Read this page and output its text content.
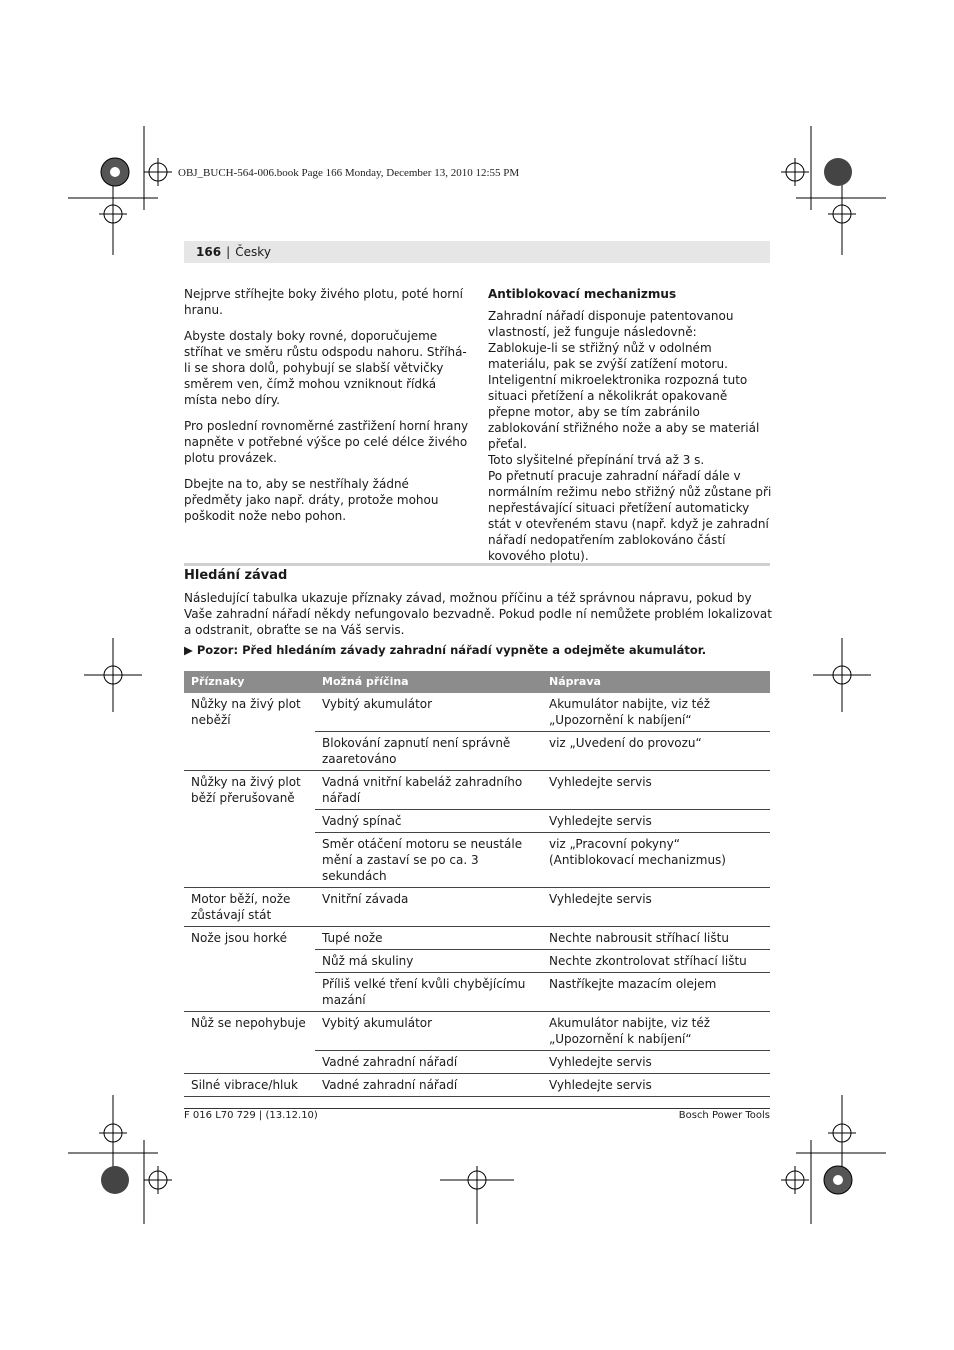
OBJ_BUCH-564-006.book Page 166 Monday, December 13, 2010 12:55 PM
166 | Česky

Nejprve stříhejte boky živého plotu, poté horní hranu.

Abyste dostaly boky rovné, doporučujeme stříhat ve směru růstu odspodu nahoru. Stříhá-li se shora dolů, pohybují se slabší větvičky směrem ven, čímž mohou vzniknout řídká místa nebo díry.

Pro poslední rovnoměrné zastřižení horní hrany napněte v potřebné výšce po celé délce živého plotu provázek.

Dbejte na to, aby se nestříhaly žádné předměty jako např. dráty, protože mohou poškodit nože nebo pohon.

Antiblokovací mechanizmus

Zahradní nářadí disponuje patentovanou vlastností, jež funguje následovně:

Zablokuje-li se střižný nůž v odolném materiálu, pak se zvýší zatížení motoru. Inteligentní mikroelektronika rozpozná tuto situaci přetížení a několikrát opakovaně přepne motor, aby se tím zabránilo zablokování střižného nože a aby se materiál přeťal.

Toto slyšitelné přepínání trvá až 3 s.

Po přetnutí pracuje zahradní nářadí dále v normálním režimu nebo střižný nůž zůstane při nepřestávající situaci přetížení automaticky stát v otevřeném stavu (např. když je zahradní nářadí nedopatřením zablokováno částí kovového plotu).

Hledání závad
Následující tabulka ukazuje příznaky závad, možnou příčinu a též správnou nápravu, pokud by Vaše zahradní nářadí někdy nefungovalo bezvadně. Pokud podle ní nemůžete problém lokalizovat a odstranit, obraťte se na Váš servis.
▶ Pozor: Před hledáním závady zahradní nářadí vypněte a odejměte akumulátor.
Příznaky	Možná příčina	Náprava
Nůžky na živý plot neběží	Vybitý akumulátor	Akumulátor nabijte, viz též „Upozornění k nabíjení“
	Blokování zapnutí není správně zaaretováno	viz „Uvedení do provozu“
Nůžky na živý plot běží přerušovaně	Vadná vnitřní kabeláž zahradního nářadí	Vyhledejte servis
	Vadný spínač	Vyhledejte servis
	Směr otáčení motoru se neustále mění a zastaví se po ca. 3 sekundách	viz „Pracovní pokyny“ (Antiblokovací mechanizmus)
Motor běží, nože zůstávají stát	Vnitřní závada	Vyhledejte servis
Nože jsou horké	Tupé nože	Nechte nabrousit stříhací lištu
	Nůž má skuliny	Nechte zkontrolovat stříhací lištu
	Příliš velké tření kvůli chybějícímu mazání	Nastříkejte mazacím olejem
Nůž se nepohybuje	Vybitý akumulátor	Akumulátor nabijte, viz též „Upozornění k nabíjení“
	Vadné zahradní nářadí	Vyhledejte servis
Silné vibrace/hluk	Vadné zahradní nářadí	Vyhledejte servis
F 016 L70 729 | (13.12.10)	Bosch Power Tools
